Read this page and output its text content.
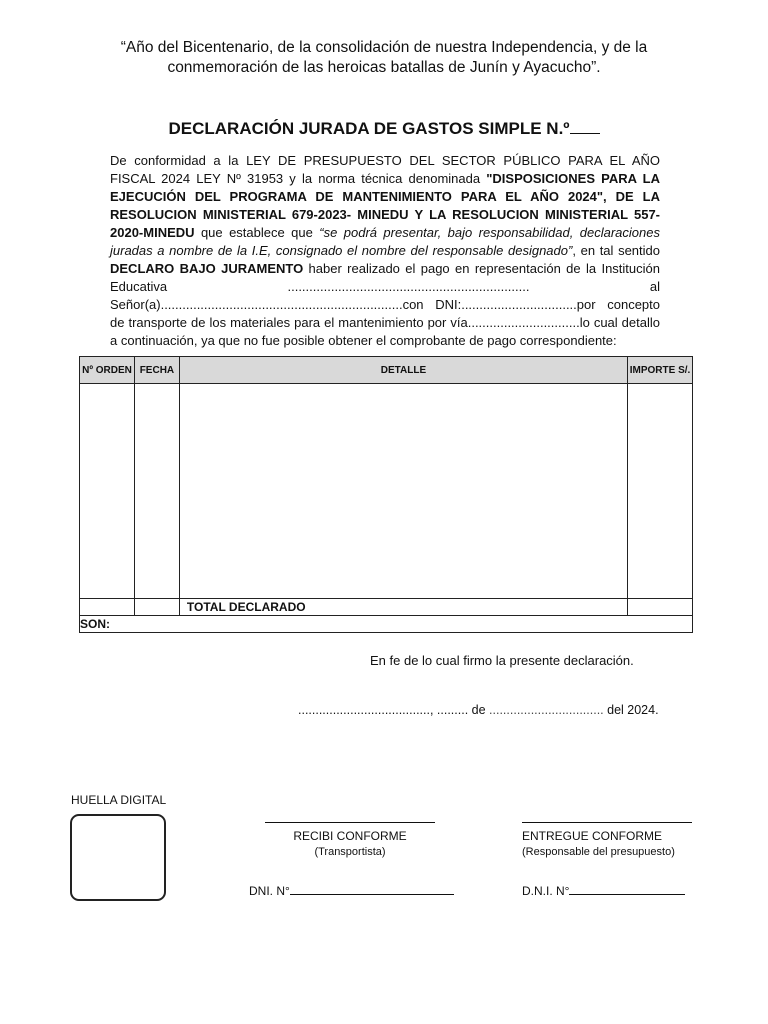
“Año del Bicentenario, de la consolidación de nuestra Independencia, y de la
conmemoración de las heroicas batallas de Junín y Ayacucho”.
DECLARACIÓN JURADA DE GASTOS SIMPLE N.º
De conformidad a la LEY DE PRESUPUESTO DEL SECTOR PÚBLICO PARA EL AÑO FISCAL 2024 LEY Nº 31953 y la norma técnica denominada "DISPOSICIONES PARA LA EJECUCIÓN DEL PROGRAMA DE MANTENIMIENTO PARA EL AÑO 2024", DE LA RESOLUCION MINISTERIAL 679-2023- MINEDU Y LA RESOLUCION MINISTERIAL 557-2020-MINEDU que establece que “se podrá presentar, bajo responsabilidad, declaraciones juradas a nombre de la I.E, consignado el nombre del responsable designado”, en tal sentido DECLARO BAJO JURAMENTO haber realizado el pago en representación de la Institución Educativa ................................................................... al Señor(a)...................................................................con DNI:................................por concepto de transporte de los materiales para el mantenimiento por vía...............................lo cual detallo a continuación, ya que no fue posible obtener el comprobante de pago correspondiente:
Nº ORDEN	FECHA	DETALLE	IMPORTE S/.

		TOTAL DECLARADO	
SON:			
En fe de lo cual firmo la presente declaración.
......................................, ......... de ................................. del 2024.
HUELLA DIGITAL
RECIBI CONFORME
(Transportista)
DNI. N°
ENTREGUE CONFORME
(Responsable del presupuesto)
D.N.I. N°
